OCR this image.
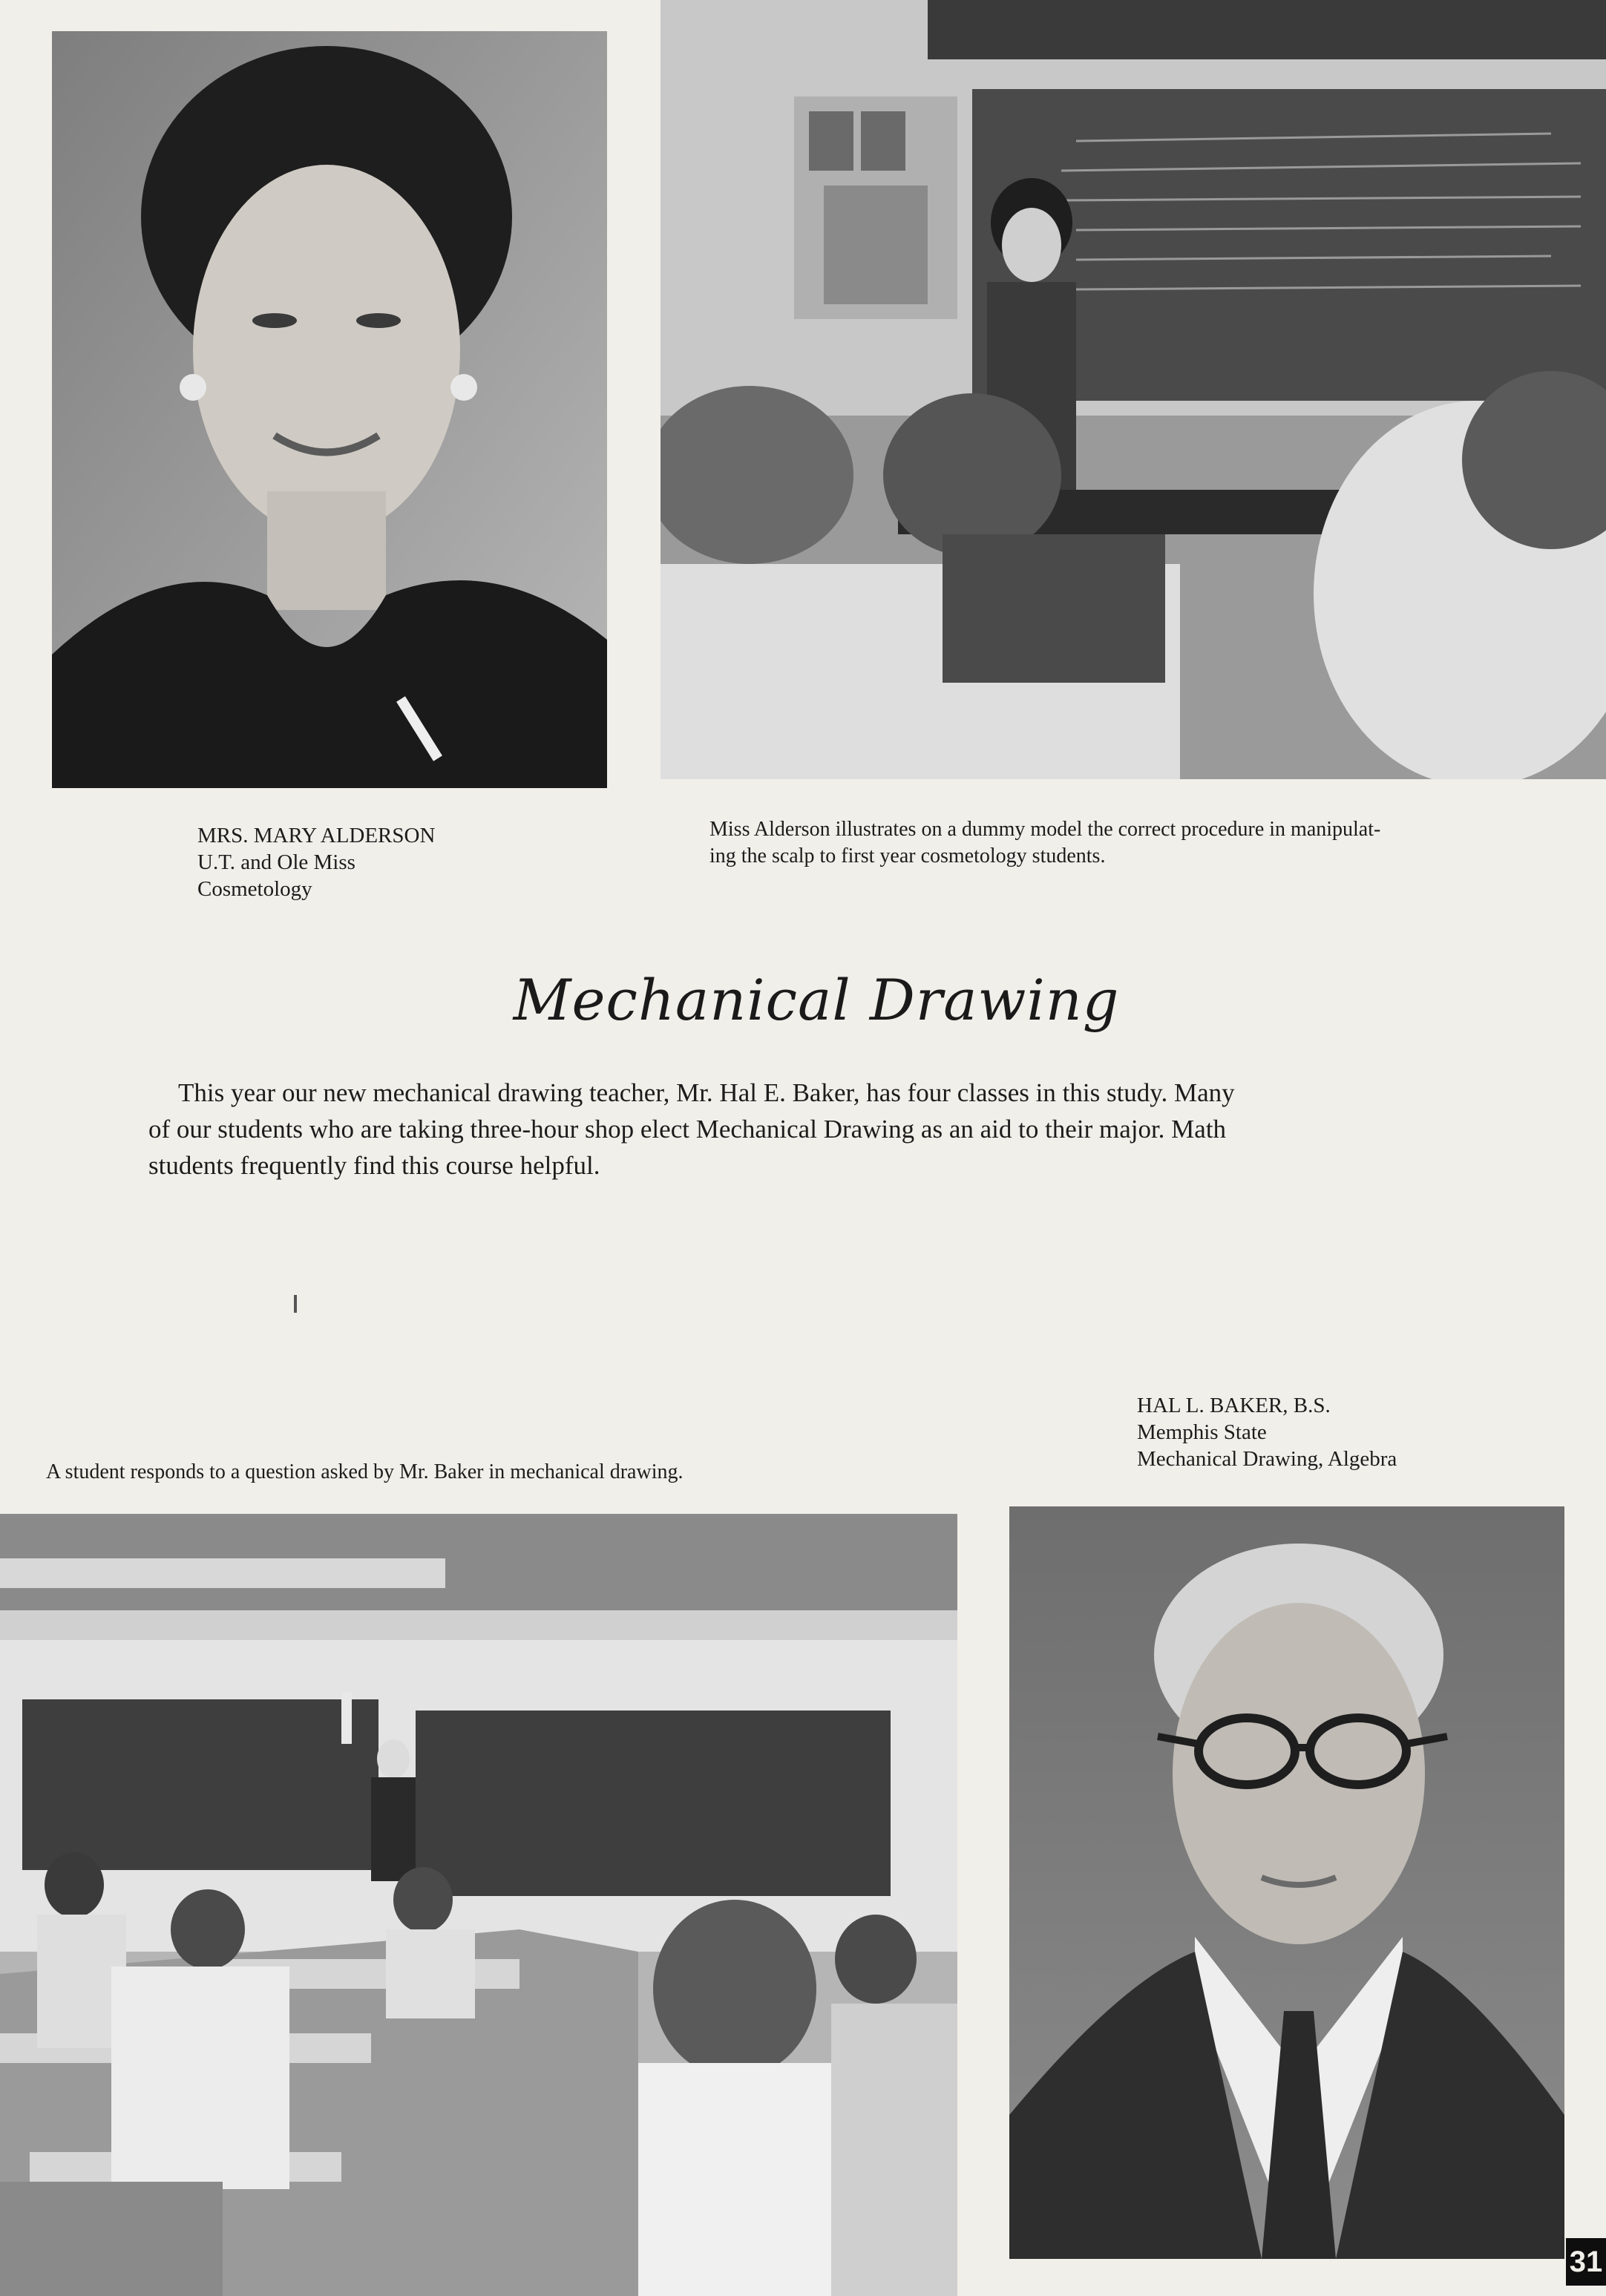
MRS. MARY ALDERSON
U.T. and Ole Miss
Cosmetology
Miss Alderson illustrates on a dummy model the correct procedure in manipulat-
ing the scalp to first year cosmetology students.
Mechanical Drawing
This year our new mechanical drawing teacher, Mr. Hal E. Baker, has four classes in this study. Many
of our students who are taking three-hour shop elect Mechanical Drawing as an aid to their major. Math
students frequently find this course helpful.
HAL L. BAKER, B.S.
Memphis State
Mechanical Drawing, Algebra
A student responds to a question asked by Mr. Baker in mechanical drawing.
31
